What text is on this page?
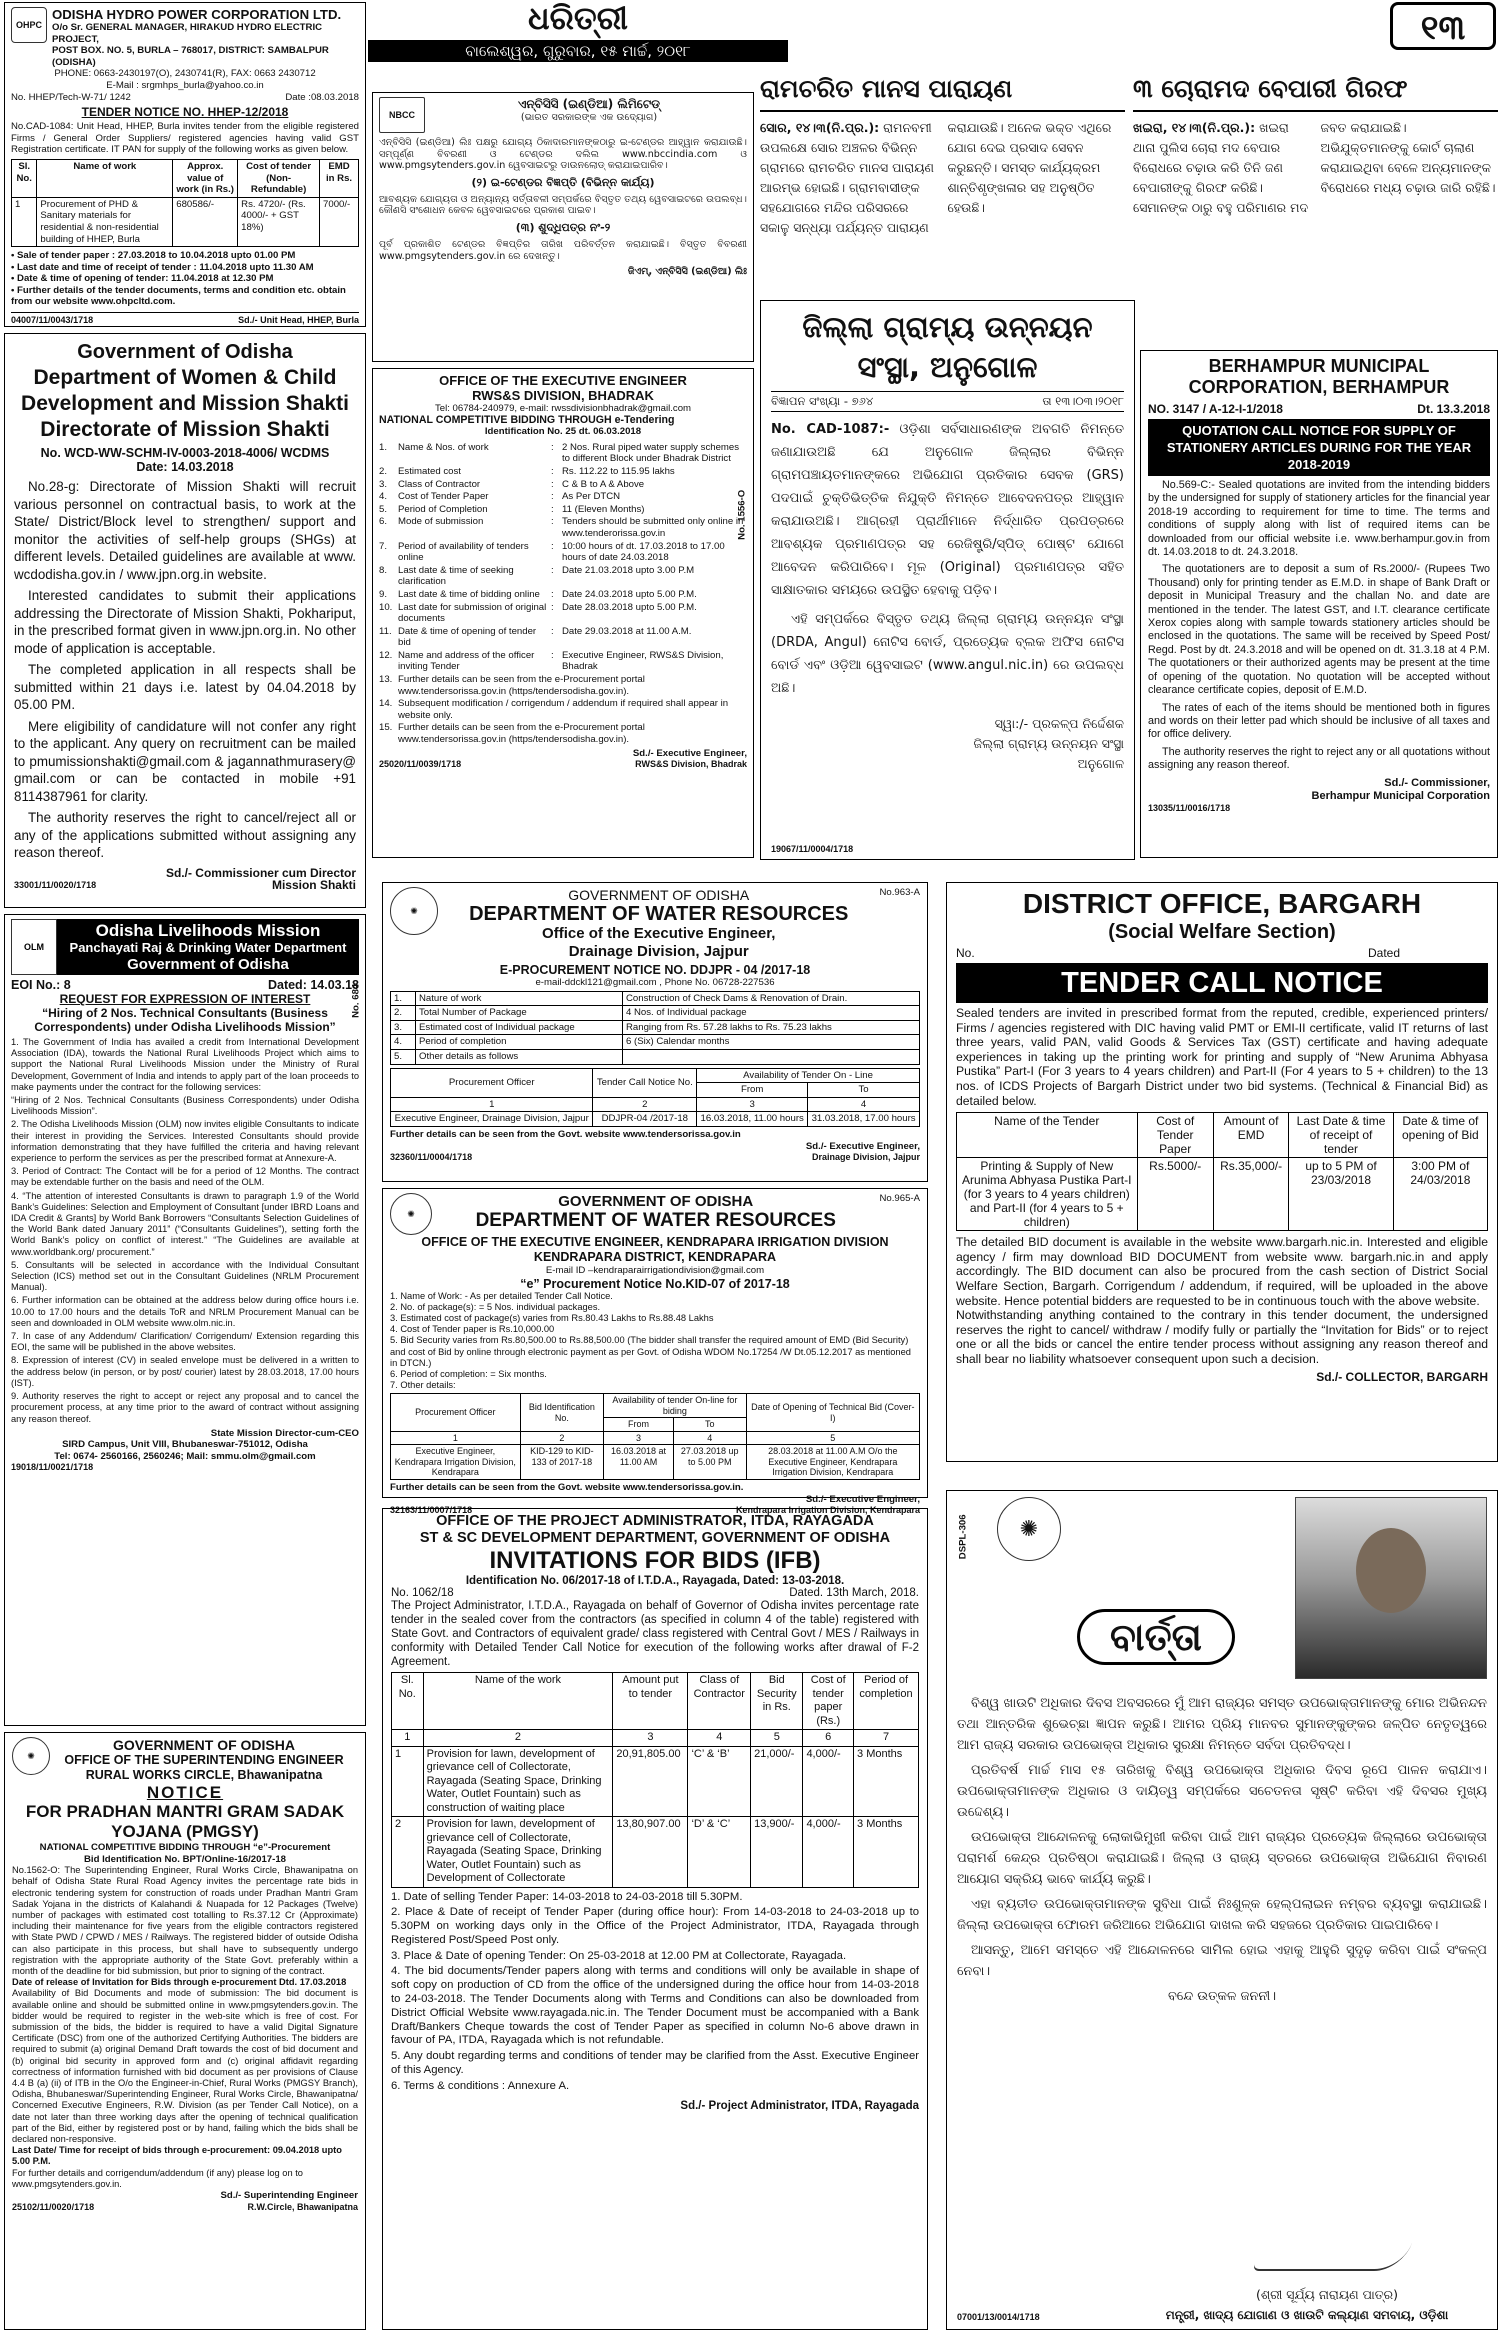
ଧରିତ୍ରୀ
ବାଲେଶ୍ୱର, ଗୁରୁବାର, ୧୫ ମାର୍ଚ୍ଚ, ୨୦୧୮
୧୩
ରାମଚରିତ ମାନସ ପାରାୟଣ
ସୋର, ୧୪।୩(ନି.ପ୍ର.): ରାମନବମୀ ଉପଲକ୍ଷେ ସୋର ଅଞ୍ଚଳର ବିଭିନ୍ନ ଗ୍ରାମରେ ରାମଚରିତ ମାନସ ପାରାୟଣ ଆରମ୍ଭ ହୋଇଛି। ଗ୍ରାମବାସୀଙ୍କ ସହଯୋଗରେ ମନ୍ଦିର ପରିସରରେ ସକାଳୁ ସନ୍ଧ୍ୟା ପର୍ଯ୍ୟନ୍ତ ପାରାୟଣ କରାଯାଉଛି। ଅନେକ ଭକ୍ତ ଏଥିରେ ଯୋଗ ଦେଇ ପ୍ରସାଦ ସେବନ କରୁଛନ୍ତି। ସମସ୍ତ କାର୍ଯ୍ୟକ୍ରମ ଶାନ୍ତିଶୃଙ୍ଖଳାର ସହ ଅନୁଷ୍ଠିତ ହେଉଛି।
୩ ଚୋରାମଦ ବେପାରୀ ଗିରଫ
ଖଇରା, ୧୪।୩(ନି.ପ୍ର.): ଖଇରା ଥାନା ପୁଲିସ ଚୋରା ମଦ ବେପାର ବିରୋଧରେ ଚଢ଼ାଉ କରି ତିନି ଜଣ ବେପାରୀଙ୍କୁ ଗିରଫ କରିଛି। ସେମାନଙ୍କ ଠାରୁ ବହୁ ପରିମାଣର ମଦ ଜବତ କରାଯାଇଛି। ଅଭିଯୁକ୍ତମାନଙ୍କୁ କୋର୍ଟ ଚାଲାଣ କରାଯାଇଥିବା ବେଳେ ଅନ୍ୟମାନଙ୍କ ବିରୋଧରେ ମଧ୍ୟ ଚଢ଼ାଉ ଜାରି ରହିଛି।
OHPC
ODISHA HYDRO POWER CORPORATION LTD.
O/o Sr. GENERAL MANAGER, HIRAKUD HYDRO ELECTRIC PROJECT,
POST BOX. NO. 5, BURLA – 768017, DISTRICT: SAMBALPUR (ODISHA)
PHONE: 0663-2430197(O), 2430741(R), FAX: 0663 2430712
E-Mail : srgmhps_burla@yahoo.co.in
No. HHEP/Tech-W-71/ 1242	Date :08.03.2018
TENDER NOTICE NO. HHEP-12/2018
No.CAD-1084: Unit Head, HHEP, Burla invites tender from the eligible registered Firms / General Order Suppliers/ registered agencies having valid GST Registration certificate. IT PAN for supply of the following works as given below.
Sl. No.	Name of work	Approx. value of work (in Rs.)	Cost of tender (Non-Refundable)	EMD in Rs.
1	Procurement of PHD & Sanitary materials for residential & non-residential building of HHEP, Burla	680586/-	Rs. 4720/- (Rs. 4000/- + GST 18%)	7000/-
• Sale of tender paper : 27.03.2018 to 10.04.2018 upto 01.00 PM
• Last date and time of receipt of tender : 11.04.2018 upto 11.30 AM
• Date & time of opening of tender: 11.04.2018 at 12.30 PM
• Further details of the tender documents, terms and condition etc. obtain from our website www.ohpcltd.com.
04007/11/0043/1718	Sd./- Unit Head, HHEP, Burla
NBCC
ଏନ୍‌ବିସିସି (ଇଣ୍ଡିଆ) ଲିମିଟେଡ୍
(ଭାରତ ସରକାରଙ୍କ ଏକ ଉଦ୍ୟୋଗ)
ଏନ୍‌ବିସିସି (ଇଣ୍ଡିଆ) ଲିଃ ପକ୍ଷରୁ ଯୋଗ୍ୟ ଠିକାଦାରମାନଙ୍କଠାରୁ ଇ-ଟେଣ୍ଡର ଆହ୍ୱାନ କରାଯାଉଛି। ସମ୍ପୂର୍ଣ୍ଣ ବିବରଣୀ ଓ ଟେଣ୍ଡର ଦଲିଲ www.nbccindia.com ଓ www.pmgsytenders.gov.in ୱେବସାଇଟରୁ ଡାଉନଲୋଡ୍ କରାଯାଇପାରିବ।
(୨) ଇ-ଟେଣ୍ଡର ବିଜ୍ଞପ୍ତି (ବିଭିନ୍ନ କାର୍ଯ୍ୟ)
ଆବଶ୍ୟକ ଯୋଗ୍ୟତା ଓ ଅନ୍ୟାନ୍ୟ ସର୍ତ୍ତାବଳୀ ସମ୍ପର୍କରେ ବିସ୍ତୃତ ତଥ୍ୟ ୱେବସାଇଟରେ ଉପଲବ୍ଧ। କୌଣସି ସଂଶୋଧନ କେବଳ ୱେବସାଇଟରେ ପ୍ରକାଶ ପାଇବ।
(୩) ଶୁଦ୍ଧିପତ୍ର ନଂ-୨
ପୂର୍ବ ପ୍ରକାଶିତ ଟେଣ୍ଡର ବିଜ୍ଞପ୍ତିର ତାରିଖ ପରିବର୍ତ୍ତନ କରାଯାଇଛି। ବିସ୍ତୃତ ବିବରଣୀ www.pmgsytenders.gov.in ରେ ଦେଖନ୍ତୁ।
ଜିଏମ୍, ଏନ୍‌ବିସିସି (ଇଣ୍ଡିଆ) ଲିଃ
Government of Odisha
Department of Women & Child Development and Mission Shakti
Directorate of Mission Shakti
No. WCD-WW-SCHM-IV-0003-2018-4006/ WCDMS
Date: 14.03.2018

No.28-g: Directorate of Mission Shakti will recruit various personnel on contractual basis, to work at the State/ District/Block level to strengthen/ support and monitor the activities of self-help groups (SHGs) at different levels. Detailed guidelines are available at www. wcdodisha.gov.in / www.jpn.org.in website.

Interested candidates to submit their applications addressing the Directorate of Mission Shakti, Pokhariput, in the prescribed format given in www.jpn.org.in. No other mode of application is acceptable.

The completed application in all respects shall be submitted within 21 days i.e. latest by 04.04.2018 by 05.00 PM.

Mere eligibility of candidature will not confer any right to the applicant. Any query on recruitment can be mailed to pmumissionshakti@gmail.com & jagannathmurasery@ gmail.com or can be contacted in mobile +91 8114387961 for clarity.

The authority reserves the right to cancel/reject all or any of the applications submitted without assigning any reason thereof.

Sd./- Commissioner cum Director
33001/11/0020/1718	Mission Shakti
OFFICE OF THE EXECUTIVE ENGINEER
RWS&S DIVISION, BHADRAK
Tel: 06784-240979, e-mail: rwssdivisionbhadrak@gmail.com
NATIONAL COMPETITIVE BIDDING THROUGH e-Tendering
Identification No. 25 dt. 06.03.2018
No. 1556-O
1.	Name & Nos. of work	: 2 Nos. Rural piped water supply schemes to different Block under Bhadrak District
2.	Estimated cost	: Rs. 112.22 to 115.95 lakhs
3.	Class of Contractor	: C & B to A & Above
4.	Cost of Tender Paper	: As Per DTCN
5.	Period of Completion	: 11 (Eleven Months)
6.	Mode of submission	: Tenders should be submitted only online in www.tenderorissa.gov.in
7.	Period of availability of tenders online
: 10:00 hours of dt. 17.03.2018 to 17.00 hours of date 24.03.2018
8.	Last date & time of seeking clarification
: Date 21.03.2018 upto 3.00 P.M
9.	Last date & time of bidding online	: Date 24.03.2018 upto 5.00 P.M.
10. Last date for submission of original documents
: Date 28.03.2018 upto 5.00 P.M.
11. Date & time of opening of tender bid
: Date 29.03.2018 at 11.00 A.M.
12. Name and address of the officer inviting Tender
: Executive Engineer, RWS&S Division, Bhadrak
13. Further details can be seen from the e-Procurement portal www.tendersorissa.gov.in (https/tendersodisha.gov.in).
14. Subsequent modification / corrigendum / addendum if required shall appear in website only.
15. Further details can be seen from the e-Procurement portal www.tendersorissa.gov.in (https/tendersodisha.gov.in).
Sd./- Executive Engineer,
25020/11/0039/1718	RWS&S Division, Bhadrak
ଜିଲ୍ଲା ଗ୍ରାମ୍ୟ ଉନ୍ନୟନ ସଂସ୍ଥା, ଅନୁଗୋଳ
ବିଜ୍ଞାପନ ସଂଖ୍ୟା - ୭୬୪	ତା ୧୩।୦୩।୨୦୧୮
No. CAD-1087:- ଓଡ଼ିଶା ସର୍ବସାଧାରଣଙ୍କ ଅବଗତି ନିମନ୍ତେ ଜଣାଯାଉଅଛି ଯେ ଅନୁଗୋଳ ଜିଲ୍ଲାର ବିଭିନ୍ନ ଗ୍ରାମପଞ୍ଚାୟତମାନଙ୍କରେ ଅଭିଯୋଗ ପ୍ରତିକାର ସେବକ (GRS) ପଦପାଇଁ ଚୁକ୍ତିଭିତ୍ତିକ ନିଯୁକ୍ତି ନିମନ୍ତେ ଆବେଦନପତ୍ର ଆହ୍ୱାନ କରାଯାଉଅଛି। ଆଗ୍ରହୀ ପ୍ରାର୍ଥୀମାନେ ନିର୍ଦ୍ଧାରିତ ପ୍ରପତ୍ରରେ ଆବଶ୍ୟକ ପ୍ରମାଣପତ୍ର ସହ ରେଜିଷ୍ଟ୍ରି/ସ୍ପିଡ୍ ପୋଷ୍ଟ ଯୋଗେ ଆବେଦନ କରିପାରିବେ। ମୂଳ (Original) ପ୍ରମାଣପତ୍ର ସହିତ ସାକ୍ଷାତକାର ସମୟରେ ଉପସ୍ଥିତ ହେବାକୁ ପଡ଼ିବ।
ଏହି ସମ୍ପର୍କରେ ବିସ୍ତୃତ ତଥ୍ୟ ଜିଲ୍ଲା ଗ୍ରାମ୍ୟ ଉନ୍ନୟନ ସଂସ୍ଥା (DRDA, Angul) ନୋଟିସ ବୋର୍ଡ, ପ୍ରତ୍ୟେକ ବ୍ଲକ ଅଫିସ ନୋଟିସ ବୋର୍ଡ ଏବଂ ଓଡ଼ିଆ ୱେବସାଇଟ (www.angul.nic.in) ରେ ଉପଲବ୍ଧ ଅଛି।
ସ୍ୱା:/- ପ୍ରକଳ୍ପ ନିର୍ଦ୍ଦେଶକ
ଜିଲ୍ଲା ଗ୍ରାମ୍ୟ ଉନ୍ନୟନ ସଂସ୍ଥା
ଅନୁଗୋଳ
19067/11/0004/1718
BERHAMPUR MUNICIPAL CORPORATION, BERHAMPUR
NO. 3147 / A-12-I-1/2018	Dt. 13.3.2018
QUOTATION CALL NOTICE FOR SUPPLY OF STATIONERY ARTICLES DURING FOR THE YEAR 2018-2019

No.569-C:- Sealed quotations are invited from the intending bidders by the undersigned for supply of stationery articles for the financial year 2018-19 according to requirement for time to time. The terms and conditions of supply along with list of required items can be downloaded from our official website i.e. www.berhampur.gov.in from dt. 14.03.2018 to dt. 24.3.2018.

The quotationers are to deposit a sum of Rs.2000/- (Rupees Two Thousand) only for printing tender as E.M.D. in shape of Bank Draft or deposit in Municipal Treasury and the challan No. and date are mentioned in the tender. The latest GST, and I.T. clearance certificate Xerox copies along with sample towards stationery articles should be enclosed in the quotations. The same will be received by Speed Post/ Regd. Post by dt. 24.3.2018 and will be opened on dt. 31.3.18 at 4 P.M. The quotationers or their authorized agents may be present at the time of opening of the quotation. No quotation will be accepted without clearance certificate copies, deposit of E.M.D.

The rates of each of the items should be mentioned both in figures and words on their letter pad which should be inclusive of all taxes and for office delivery.

The authority reserves the right to reject any or all quotations without assigning any reason thereof.

Sd./- Commissioner,
Berhampur Municipal Corporation
13035/11/0016/1718
OLM
Odisha Livelihoods Mission
Panchayati Raj & Drinking Water Department
Government of Odisha
EOI No.: 8	Dated: 14.03.18
REQUEST FOR EXPRESSION OF INTEREST
“Hiring of 2 Nos. Technical Consultants (Business Correspondents) under Odisha Livelihoods Mission”
No. 684
1. The Government of India has availed a credit from International Development Association (IDA), towards the National Rural Livelihoods Project which aims to support the National Rural Livelihoods Mission under the Ministry of Rural Development, Government of India and intends to apply part of the loan proceeds to make payments under the contract for the following services:
“Hiring of 2 Nos. Technical Consultants (Business Correspondents) under Odisha Livelihoods Mission”.
2. The Odisha Livelihoods Mission (OLM) now invites eligible Consultants to indicate their interest in providing the Services. Interested Consultants should provide information demonstrating that they have fulfilled the criteria and having relevant experience to perform the services as per the prescribed format at Annexure-A.
3. Period of Contract: The Contact will be for a period of 12 Months. The contract may be extendable further on the basis and need of the OLM.
4. “The attention of interested Consultants is drawn to paragraph 1.9 of the World Bank’s Guidelines: Selection and Employment of Consultant [under IBRD Loans and IDA Credit & Grants] by World Bank Borrowers “Consultants Selection Guidelines of the World Bank dated January 2011” (“Consultants Guidelines”), setting forth the World Bank’s policy on conflict of interest.” “The Guidelines are available at www.worldbank.org/ procurement.”
5. Consultants will be selected in accordance with the Individual Consultant Selection (ICS) method set out in the Consultant Guidelines (NRLM Procurement Manual).
6. Further information can be obtained at the address below during office hours i.e. 10.00 to 17.00 hours and the details ToR and NRLM Procurement Manual can be seen and downloaded in OLM website www.olm.nic.in.
7. In case of any Addendum/ Clarification/ Corrigendum/ Extension regarding this EOI, the same will be published in the above websites.
8. Expression of interest (CV) in sealed envelope must be delivered in a written to the address below (in person, or by post/ courier) latest by 28.03.2018, 17.00 hours (IST).
9. Authority reserves the right to accept or reject any proposal and to cancel the procurement process, at any time prior to the award of contract without assigning any reason thereof.
State Mission Director-cum-CEO
SIRD Campus, Unit VIII, Bhubaneswar-751012, Odisha
Tel: 0674- 2560166, 2560246; Mail: smmu.olm@gmail.com
19018/11/0021/1718
✺
GOVERNMENT OF ODISHA
DEPARTMENT OF WATER RESOURCES
Office of the Executive Engineer,
Drainage Division, Jajpur
No.963-A
E-PROCUREMENT NOTICE NO. DDJPR - 04 /2017-18
e-mail-ddckl121@gmail.com , Phone No. 06728-227536
1.	Nature of work	Construction of Check Dams & Renovation of Drain.
2.	Total Number of Package	4 Nos. of Individual package
3.	Estimated cost of Individual package	Ranging from Rs. 57.28 lakhs to Rs. 75.23 lakhs
4.	Period of completion	6 (Six) Calendar months
5.	Other details as follows	
Procurement Officer	Tender Call Notice No.	Availability of Tender On - Line	
		From	To
1	2	3	4
Executive Engineer, Drainage Division, Jajpur	DDJPR-04 /2017-18	16.03.2018, 11.00 hours	31.03.2018, 17.00 hours
Further details can be seen from the Govt. website www.tendersorissa.gov.in
Sd./- Executive Engineer,
32360/11/0004/1718	Drainage Division, Jajpur
✺
GOVERNMENT OF ODISHA
DEPARTMENT OF WATER RESOURCES
No.965-A
OFFICE OF THE EXECUTIVE ENGINEER, KENDRAPARA IRRIGATION DIVISION
KENDRAPARA DISTRICT, KENDRAPARA
E-mail ID –kendraparairrigationdivision@gmail.com
“e” Procurement Notice No.KID-07 of 2017-18
1. Name of Work: - As per detailed Tender Call Notice.
2. No. of package(s): = 5 Nos. individual packages.
3. Estimated cost of package(s) varies from Rs.80.43 Lakhs to Rs.88.48 Lakhs
4. Cost of Tender paper is Rs.10,000.00
5. Bid Security varies from Rs.80,500.00 to Rs.88,500.00 (The bidder shall transfer the required amount of EMD (Bid Security) and cost of Bid by online through electronic payment as per Govt. of Odisha WDOM No.17254 /W Dt.05.12.2017 as mentioned in DTCN.)
6. Period of completion: = Six months.
7. Other details:
Procurement Officer	Bid Identification No.	Availability of tender On-line for biding		Date of Opening of Technical Bid (Cover-I)
		From	To	
1	2	3	4	5
Executive Engineer, Kendrapara Irrigation Division, Kendrapara	KID-129 to KID-133 of 2017-18	16.03.2018 at 11.00 AM	27.03.2018 up to 5.00 PM	28.03.2018 at 11.00 A.M O/o the Executive Engineer, Kendrapara Irrigation Division, Kendrapara
Further details can be seen from the Govt. website www.tendersorissa.gov.in.
Sd./- Executive Engineer,
32163/11/0007/1718	Kendrapara Irrigation Division, Kendrapara
DISTRICT OFFICE, BARGARH
(Social Welfare Section)
No.	Dated
TENDER CALL NOTICE
Sealed tenders are invited in prescribed format from the reputed, credible, experienced printers/ Firms / agencies registered with DIC having valid PMT or EMI-II certificate, valid IT returns of last three years, valid PAN, valid Goods & Services Tax (GST) certificate and having adequate experiences in taking up the printing work for printing and supply of “New Arunima Abhyasa Pustika” Part-I (For 3 years to 4 years children) and Part-II (For 4 years to 5 + children) to the 13 nos. of ICDS Projects of Bargarh District under two bid systems. (Technical & Financial Bid) as detailed below.
Name of the Tender	Cost of Tender Paper	Amount of EMD	Last Date & time of receipt of tender	Date & time of opening of Bid
Printing & Supply of New Arunima Abhyasa Pustika Part-I (for 3 years to 4 years children) and Part-II (for 4 years to 5 + children)	Rs.5000/-	Rs.35,000/-	up to 5 PM of 23/03/2018	3:00 PM of 24/03/2018
The detailed BID document is available in the website www.bargarh.nic.in. Interested and eligible agency / firm may download BID DOCUMENT from website www. bargarh.nic.in and apply accordingly. The BID document can also be procured from the cash section of District Social Welfare Section, Bargarh. Corrigendum / addendum, if required, will be uploaded in the above website. Hence potential bidders are requested to be in continuous touch with the above website.
Notwithstanding anything contained to the contrary in this tender document, the undersigned reserves the right to cancel/ withdraw / modify fully or partially the “Invitation for Bids” or to reject one or all the bids or cancel the entire tender process without assigning any reason thereof and shall bear no liability whatsoever consequent upon such a decision.
Sd./- COLLECTOR, BARGARH
✺
GOVERNMENT OF ODISHA
OFFICE OF THE SUPERINTENDING ENGINEER
RURAL WORKS CIRCLE, Bhawanipatna
NOTICE
FOR PRADHAN MANTRI GRAM SADAK YOJANA (PMGSY)
NATIONAL COMPETITIVE BIDDING THROUGH “e”-Procurement
Bid Identification No. BPT/Online-16/2017-18
No.1562-O: The Superintending Engineer, Rural Works Circle, Bhawanipatna on behalf of Odisha State Rural Road Agency invites the percentage rate bids in electronic tendering system for construction of roads under Pradhan Mantri Gram Sadak Yojana in the districts of Kalahandi & Nuapada for 12 Packages (Twelve) number of packages with estimated cost totalling to Rs.37.12 Cr (Approximate) including their maintenance for five years from the eligible contractors registered with State PWD / CPWD / MES / Railways. The registered bidder of outside Odisha can also participate in this process, but shall have to subsequently undergo registration with the appropriate authority of the State Govt. preferably within a month of the deadline for bid submission, but prior to signing of the contract.
Date of release of Invitation for Bids through e-procurement Dtd. 17.03.2018
Availability of Bid Documents and mode of submission: The bid document is available online and should be submitted online in www.pmgsytenders.gov.in. The bidder would be required to register in the web-site which is free of cost. For submission of the bids, the bidder is required to have a valid Digital Signature Certificate (DSC) from one of the authorized Certifying Authorities. The bidders are required to submit (a) original Demand Draft towards the cost of bid document and (b) original bid security in approved form and (c) original affidavit regarding correctness of information furnished with bid document as per provisions of Clause 4.4 B (a) (ii) of ITB in the O/o the Engineer-in-Chief, Rural Works (PMGSY Branch), Odisha, Bhubaneswar/Superintending Engineer, Rural Works Circle, Bhawanipatna/ Concerned Executive Engineers, R.W. Division (as per Tender Call Notice), on a date not later than three working days after the opening of technical qualification part of the Bid, either by registered post or by hand, failing which the bids shall be declared non-responsive.
Last Date/ Time for receipt of bids through e-procurement: 09.04.2018 upto 5.00 P.M.
For further details and corrigendum/addendum (if any) please log on to www.pmgsytenders.gov.in.
Sd./- Superintending Engineer
25102/11/0020/1718	R.W.Circle, Bhawanipatna
OFFICE OF THE PROJECT ADMINISTRATOR, ITDA, RAYAGADA
ST & SC DEVELOPMENT DEPARTMENT, GOVERNMENT OF ODISHA
INVITATIONS FOR BIDS (IFB)
Identification No. 06/2017-18 of I.T.D.A., Rayagada, Dated: 13-03-2018.
No. 1062/18	Dated. 13th March, 2018.
The Project Administrator, I.T.D.A., Rayagada on behalf of Governor of Odisha invites percentage rate tender in the sealed cover from the contractors (as specified in column 4 of the table) registered with State Govt. and Contractors of equivalent grade/ class registered with Central Govt / MES / Railways in conformity with Detailed Tender Call Notice for execution of the following works after drawal of F-2 Agreement.
Sl. No.	Name of the work	Amount put to tender	Class of Contractor	Bid Security in Rs.	Cost of tender paper (Rs.)	Period of completion
1	2	3	4	5	6	7
1	Provision for lawn, development of grievance cell of Collectorate, Rayagada (Seating Space, Drinking Water, Outlet Fountain) such as construction of waiting place	20,91,805.00	‘C’ & ‘B’	21,000/-	4,000/-	3 Months
2	Provision for lawn, development of grievance cell of Collectorate, Rayagada (Seating Space, Drinking Water, Outlet Fountain) such as Development of Collectorate	13,80,907.00	‘D’ & ‘C’	13,900/-	4,000/-	3 Months
1. Date of selling Tender Paper: 14-03-2018 to 24-03-2018 till 5.30PM.
2. Place & Date of receipt of Tender Paper (during office hour): From 14-03-2018 to 24-03-2018 up to 5.30PM on working days only in the Office of the Project Administrator, ITDA, Rayagada through Registered Post/Speed Post only.
3. Place & Date of opening Tender: On 25-03-2018 at 12.00 PM at Collectorate, Rayagada.
4. The bid documents/Tender papers along with terms and conditions will only be available in shape of soft copy on production of CD from the office of the undersigned during the office hour from 14-03-2018 to 24-03-2018. The Tender Documents along with Terms and Conditions can also be downloaded from District Official Website www.rayagada.nic.in. The Tender Document must be accompanied with a Bank Draft/Bankers Cheque towards the cost of Tender Paper as specified in column No-6 above drawn in favour of PA, ITDA, Rayagada which is not refundable.
5. Any doubt regarding terms and conditions of tender may be clarified from the Asst. Executive Engineer of this Agency.
6. Terms & conditions : Annexure A.
Sd./- Project Administrator, ITDA, Rayagada
DSPL-306	✺
ବାର୍ତ୍ତା

ବିଶ୍ୱ ଖାଉଟି ଅଧିକାର ଦିବସ ଅବସରରେ ମୁଁ ଆମ ରାଜ୍ୟର ସମସ୍ତ ଉପଭୋକ୍ତାମାନଙ୍କୁ ମୋର ଅଭିନନ୍ଦନ ତଥା ଆନ୍ତରିକ ଶୁଭେଚ୍ଛା ଜ୍ଞାପନ କରୁଛି। ଆମର ପ୍ରିୟ ମାନବର ସୁମାନଙ୍କୁଙ୍କର ଜଳ୍ପିତ ନେତୃତ୍ୱରେ ଆମ ରାଜ୍ୟ ସରକାର ଉପଭୋକ୍ତା ଅଧିକାର ସୁରକ୍ଷା ନିମନ୍ତେ ସର୍ବଦା ପ୍ରତିବଦ୍ଧ।

ପ୍ରତିବର୍ଷ ମାର୍ଚ୍ଚ ମାସ ୧୫ ତାରିଖକୁ ବିଶ୍ୱ ଉପଭୋକ୍ତା ଅଧିକାର ଦିବସ ରୂପେ ପାଳନ କରାଯାଏ। ଉପଭୋକ୍ତାମାନଙ୍କ ଅଧିକାର ଓ ଦାୟିତ୍ୱ ସମ୍ପର୍କରେ ସଚେତନତା ସୃଷ୍ଟି କରିବା ଏହି ଦିବସର ମୁଖ୍ୟ ଉଦ୍ଦେଶ୍ୟ।

ଉପଭୋକ୍ତା ଆନ୍ଦୋଳନକୁ ଲୋକାଭିମୁଖୀ କରିବା ପାଇଁ ଆମ ରାଜ୍ୟର ପ୍ରତ୍ୟେକ ଜିଲ୍ଲାରେ ଉପଭୋକ୍ତା ପରାମର୍ଶ କେନ୍ଦ୍ର ପ୍ରତିଷ୍ଠା କରାଯାଇଛି। ଜିଲ୍ଲା ଓ ରାଜ୍ୟ ସ୍ତରରେ ଉପଭୋକ୍ତା ଅଭିଯୋଗ ନିବାରଣ ଆୟୋଗ ସକ୍ରିୟ ଭାବେ କାର୍ଯ୍ୟ କରୁଛି।

ଏହା ବ୍ୟତୀତ ଉପଭୋକ୍ତାମାନଙ୍କ ସୁବିଧା ପାଇଁ ନିଃଶୁଳ୍କ ହେଲ୍ପଲାଇନ ନମ୍ବର ବ୍ୟବସ୍ଥା କରାଯାଇଛି। ଜିଲ୍ଲା ଉପଭୋକ୍ତା ଫୋରମ ଜରିଆରେ ଅଭିଯୋଗ ଦାଖଲ କରି ସହଜରେ ପ୍ରତିକାର ପାଇପାରିବେ।

ଆସନ୍ତୁ, ଆମେ ସମସ୍ତେ ଏହି ଆନ୍ଦୋଳନରେ ସାମିଲ ହୋଇ ଏହାକୁ ଆହୁରି ସୁଦୃଢ଼ କରିବା ପାଇଁ ସଂକଳ୍ପ ନେବା।

ବନ୍ଦେ ଉତ୍କଳ ଜନନୀ।

(ଶ୍ରୀ ସୂର୍ଯ୍ୟ ନାରାୟଣ ପାତ୍ର)
ମନ୍ତ୍ରୀ, ଖାଦ୍ୟ ଯୋଗାଣ ଓ ଖାଉଟି କଲ୍ୟାଣ ସମବାୟ, ଓଡ଼ିଶା
07001/13/0014/1718
